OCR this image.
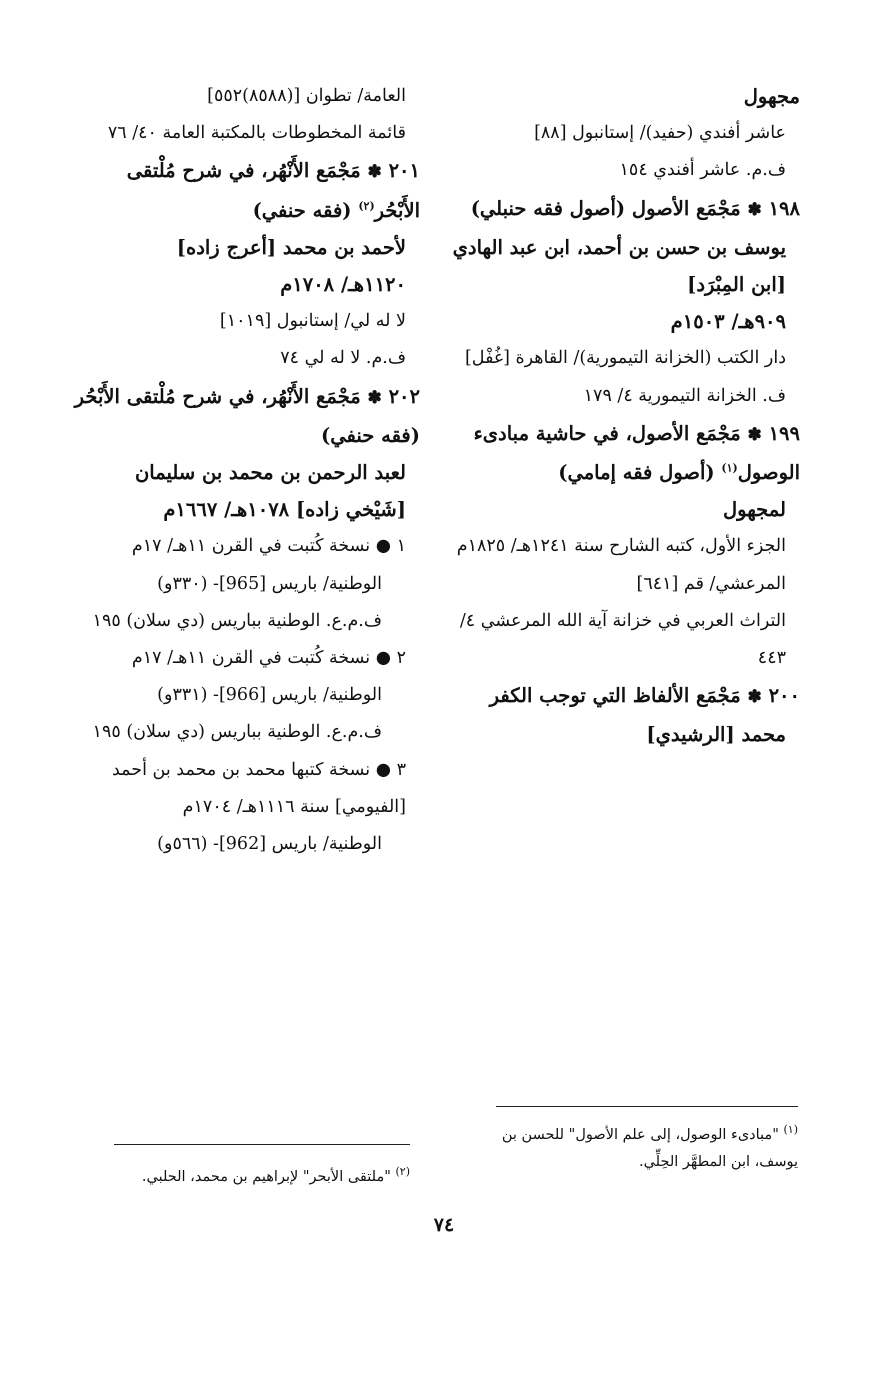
مجهول

عاشر أفندي (حفيد)/ إستانبول [٨٨]

ف.م. عاشر أفندي ١٥٤

١٩٨ ✽ مَجْمَع الأصول (أصول فقه حنبلي)

يوسف بن حسن بن أحمد، ابن عبد الهادي [ابن المِبْرَد]

٩٠٩هـ/ ١٥٠٣م

دار الكتب (الخزانة التيمورية)/ القاهرة [غُفْل]

ف. الخزانة التيمورية ٤/ ١٧٩

١٩٩ ✽ مَجْمَع الأصول، في حاشية مبادىء الوصول$^{(١)}$ (أصول فقه إمامي)

لمجهول

الجزء الأول، كتبه الشارح سنة ١٢٤١هـ/ ١٨٢٥م

المرعشي/ قم [٦٤١]

التراث العربي في خزانة آية الله المرعشي ٤/ ٤٤٣

٢٠٠ ✽ مَجْمَع الألفاظ التي توجب الكفر

محمد [الرشيدي]

العامة/ تطوان [(٨٥٨٨)٥٥٢]

قائمة المخطوطات بالمكتبة العامة ٤٠/ ٧٦

٢٠١ ✽ مَجْمَع الأَنْهُر، في شرح مُلْتقى الأَبْحُر$^{(٢)}$ (فقه حنفي)

لأحمد بن محمد [أعرج زاده]

١١٢٠هـ/ ١٧٠٨م

لا له لي/ إستانبول [١٠١٩]

ف.م. لا له لي ٧٤

٢٠٢ ✽ مَجْمَع الأَنْهُر، في شرح مُلْتقى الأَبْحُر (فقه حنفي)

لعبد الرحمن بن محمد بن سليمان [شَيْخي زاده] ١٠٧٨هـ/ ١٦٦٧م

١ ● نسخة كُتبت في القرن ١١هـ/ ١٧م

الوطنية/ باريس [965]- (٣٣٠و)

ف.م.ع. الوطنية بباريس (دي سلان) ١٩٥

٢ ● نسخة كُتبت في القرن ١١هـ/ ١٧م

الوطنية/ باريس [966]- (٣٣١و)

ف.م.ع. الوطنية بباريس (دي سلان) ١٩٥

٣ ● نسخة كتبها محمد بن محمد بن أحمد [الفيومي] سنة ١١١٦هـ/ ١٧٠٤م

الوطنية/ باريس [962]- (٥٦٦و)

$^{(١)}$ "مبادىء الوصول، إلى علم الأصول" للحسن بن يوسف، ابن المطهَّر الحِلِّي.
$^{(٢)}$ "ملتقى الأبحر" لإبراهيم بن محمد، الحلبي.
٧٤
